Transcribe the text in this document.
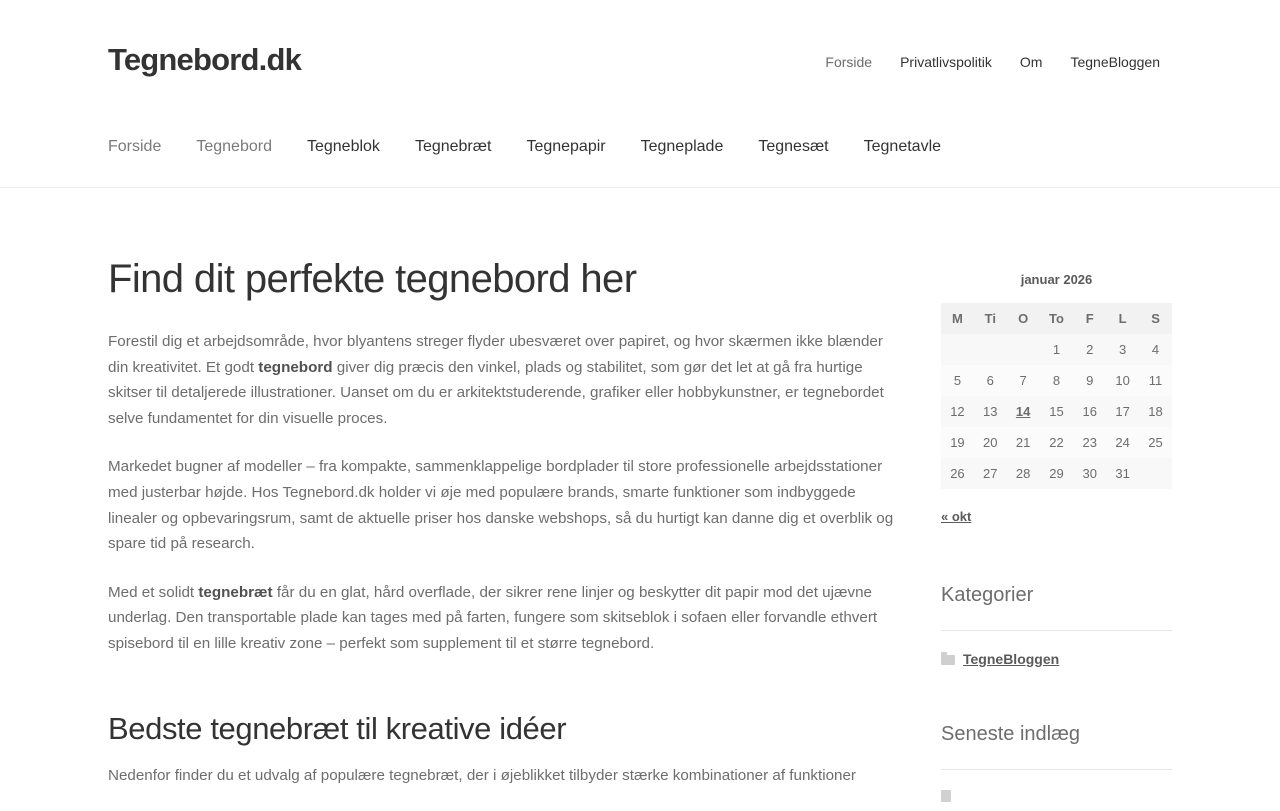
Tegnebord.dk	Forside Privatlivspolitik Om TegneBloggen
Forside Tegnebord Tegneblok Tegnebræt Tegnepapir Tegneplade Tegnesæt Tegnetavle
Find dit perfekte tegnebord her

Forestil dig et arbejdsområde, hvor blyantens streger flyder ubesværet over papiret, og hvor skærmen ikke blænder din kreativitet. Et godt tegnebord giver dig præcis den vinkel, plads og stabilitet, som gør det let at gå fra hurtige skitser til detaljerede illustrationer. Uanset om du er arkitektstuderende, grafiker eller hobbykunstner, er tegnebordet selve fundamentet for din visuelle proces.

Markedet bugner af modeller – fra kompakte, sammenklappelige bordplader til store professionelle arbejdsstationer med justerbar højde. Hos Tegnebord.dk holder vi øje med populære brands, smarte funktioner som indbyggede linealer og opbevaringsrum, samt de aktuelle priser hos danske webshops, så du hurtigt kan danne dig et overblik og spare tid på research.

Med et solidt tegnebræt får du en glat, hård overflade, der sikrer rene linjer og beskytter dit papir mod det ujævne underlag. Den transportable plade kan tages med på farten, fungere som skitseblok i sofaen eller forvandle ethvert spisebord til en lille kreativ zone – perfekt som supplement til et større tegnebord.

Bedste tegnebræt til kreative idéer

Nedenfor finder du et udvalg af populære tegnebræt, der i øjeblikket tilbyder stærke kombinationer af funktioner

januar 2026
M	Ti	O	To	F	L	S
			1	2	3	4
5	6	7	8	9	10	11
12	13	14	15	16	17	18
19	20	21	22	23	24	25
26	27	28	29	30	31	
« okt
Kategorier
TegneBloggen
Seneste indlæg
